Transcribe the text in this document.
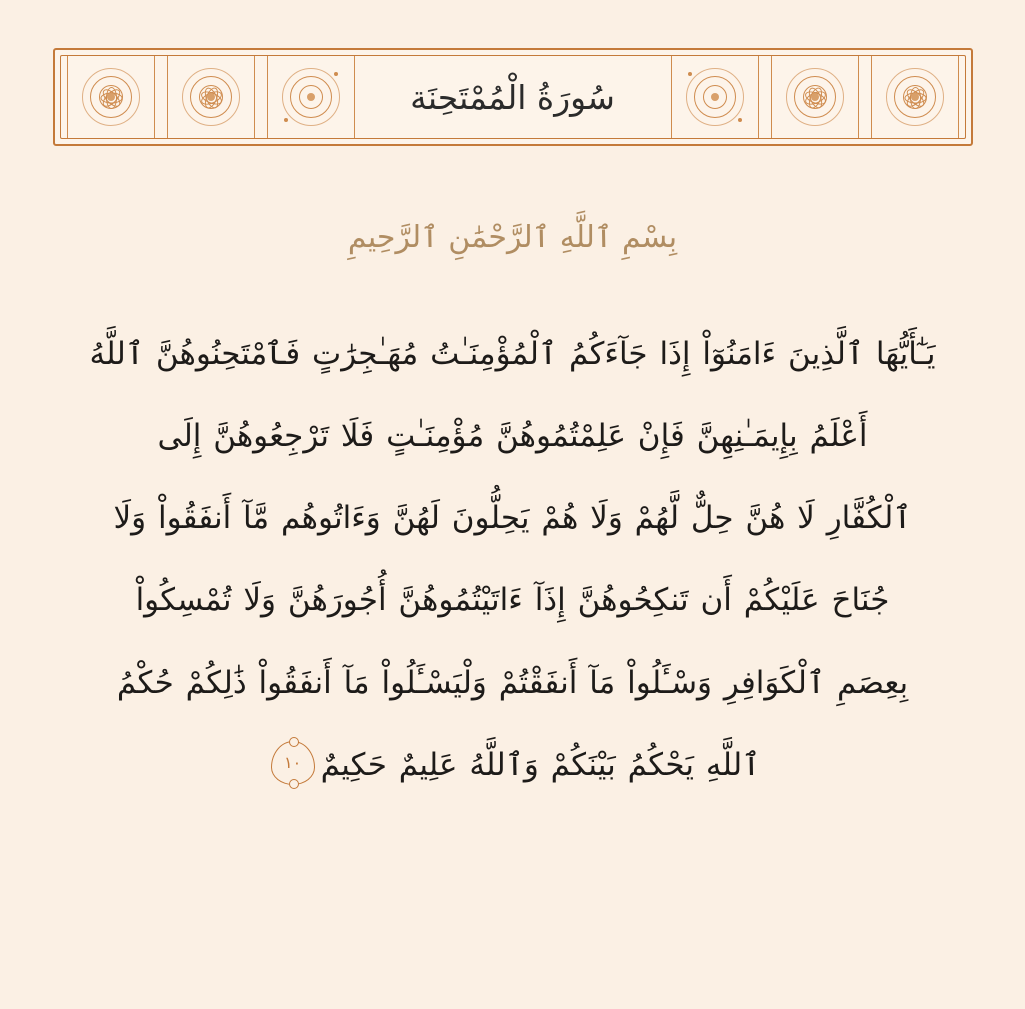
سُورَةُ الْمُمْتَحِنَة
بِسْمِ ٱللَّهِ ٱلرَّحْمَٰنِ ٱلرَّحِيمِ
يَـٰٓأَيُّهَا ٱلَّذِينَ ءَامَنُوٓاْ إِذَا جَآءَكُمُ ٱلْمُؤْمِنَـٰتُ مُهَـٰجِرَٰتٍ فَٱمْتَحِنُوهُنَّ ٱللَّهُ
أَعْلَمُ بِإِيمَـٰنِهِنَّ فَإِنْ عَلِمْتُمُوهُنَّ مُؤْمِنَـٰتٍ فَلَا تَرْجِعُوهُنَّ إِلَى
ٱلْكُفَّارِ لَا هُنَّ حِلٌّ لَّهُمْ وَلَا هُمْ يَحِلُّونَ لَهُنَّ وَءَاتُوهُم مَّآ أَنفَقُواْ وَلَا
جُنَاحَ عَلَيْكُمْ أَن تَنكِحُوهُنَّ إِذَآ ءَاتَيْتُمُوهُنَّ أُجُورَهُنَّ وَلَا تُمْسِكُواْ
بِعِصَمِ ٱلْكَوَافِرِ وَسْـَٔلُواْ مَآ أَنفَقْتُمْ وَلْيَسْـَٔلُواْ مَآ أَنفَقُواْ ذَٰلِكُمْ حُكْمُ
ٱللَّهِ يَحْكُمُ بَيْنَكُمْ وَٱللَّهُ عَلِيمٌ حَكِيمٌ
١٠
